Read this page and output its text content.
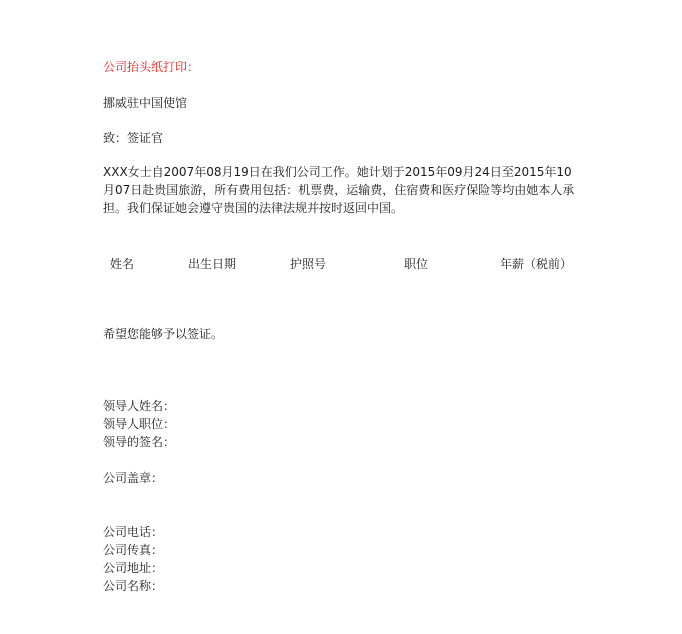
公司抬头纸打印：
挪威驻中国使馆
致：签证官
XXX女士自2007年08月19日在我们公司工作。她计划于2015年09月24日至2015年10月07日赴贵国旅游，所有费用包括：机票费，运输费，住宿费和医疗保险等均由她本人承担。我们保证她会遵守贵国的法律法规并按时返回中国。
姓名	出生日期	护照号	职位	年薪（税前）
希望您能够予以签证。
领导人姓名：
领导人职位：
领导的签名：
公司盖章：
公司电话：
公司传真：
公司地址：
公司名称：
